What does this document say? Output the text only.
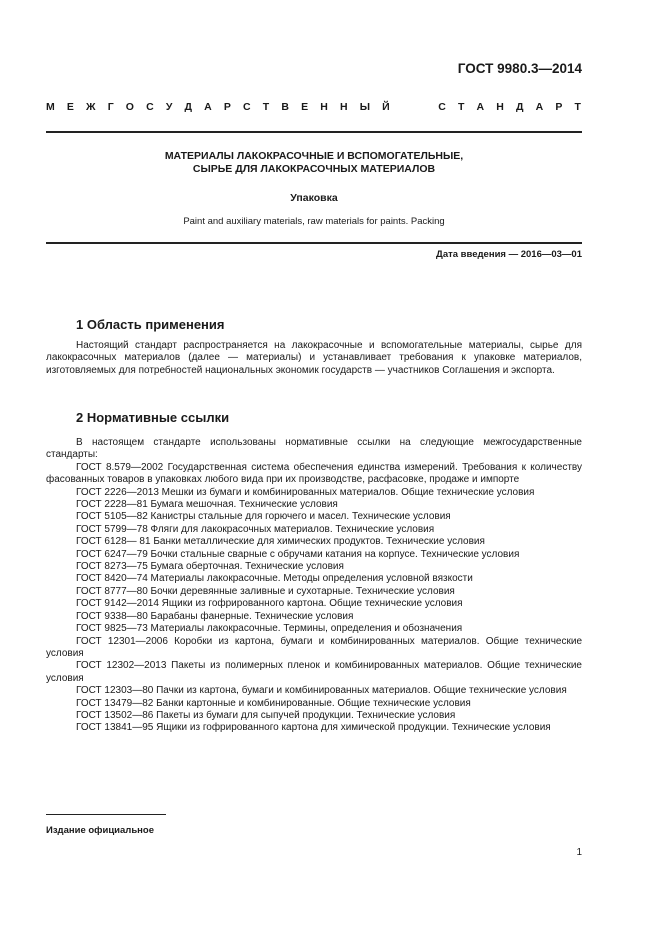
ГОСТ 9980.3—2014
М Е Ж Г О С У Д А Р С Т В Е Н Н Ы Й	С Т А Н Д А Р Т
МАТЕРИАЛЫ ЛАКОКРАСОЧНЫЕ И ВСПОМОГАТЕЛЬНЫЕ,
СЫРЬЕ ДЛЯ ЛАКОКРАСОЧНЫХ МАТЕРИАЛОВ
Упаковка
Paint and auxiliary materials, raw materials for paints. Packing
Дата введения — 2016—03—01
1 Область применения
Настоящий стандарт распространяется на лакокрасочные и вспомогательные материалы, сырье для лакокрасочных материалов (далее — материалы) и устанавливает требования к упаковке материалов, изготовляемых для потребностей национальных экономик государств — участников Соглашения и экспорта.
2 Нормативные ссылки

В настоящем стандарте использованы нормативные ссылки на следующие межгосударственные стандарты:

ГОСТ 8.579—2002 Государственная система обеспечения единства измерений. Требования к количеству фасованных товаров в упаковках любого вида при их производстве, расфасовке, продаже и импорте

ГОСТ 2226—2013 Мешки из бумаги и комбинированных материалов. Общие технические условия

ГОСТ 2228—81 Бумага мешочная. Технические условия

ГОСТ 5105—82 Канистры стальные для горючего и масел. Технические условия

ГОСТ 5799—78 Фляги для лакокрасочных материалов. Технические условия

ГОСТ 6128— 81 Банки металлические для химических продуктов. Технические условия

ГОСТ 6247—79 Бочки стальные сварные с обручами катания на корпусе. Технические условия

ГОСТ 8273—75 Бумага оберточная. Технические условия

ГОСТ 8420—74 Материалы лакокрасочные. Методы определения условной вязкости

ГОСТ 8777—80 Бочки деревянные заливные и сухотарные. Технические условия

ГОСТ 9142—2014 Ящики из гофрированного картона. Общие технические условия

ГОСТ 9338—80 Барабаны фанерные. Технические условия

ГОСТ 9825—73 Материалы лакокрасочные. Термины, определения и обозначения

ГОСТ 12301—2006 Коробки из картона, бумаги и комбинированных материалов. Общие технические условия

ГОСТ 12302—2013 Пакеты из полимерных пленок и комбинированных материалов. Общие технические условия

ГОСТ 12303—80 Пачки из картона, бумаги и комбинированных материалов. Общие технические условия

ГОСТ 13479—82 Банки картонные и комбинированные. Общие технические условия

ГОСТ 13502—86 Пакеты из бумаги для сыпучей продукции. Технические условия

ГОСТ 13841—95 Ящики из гофрированного картона для химической продукции. Технические условия

Издание официальное
1
